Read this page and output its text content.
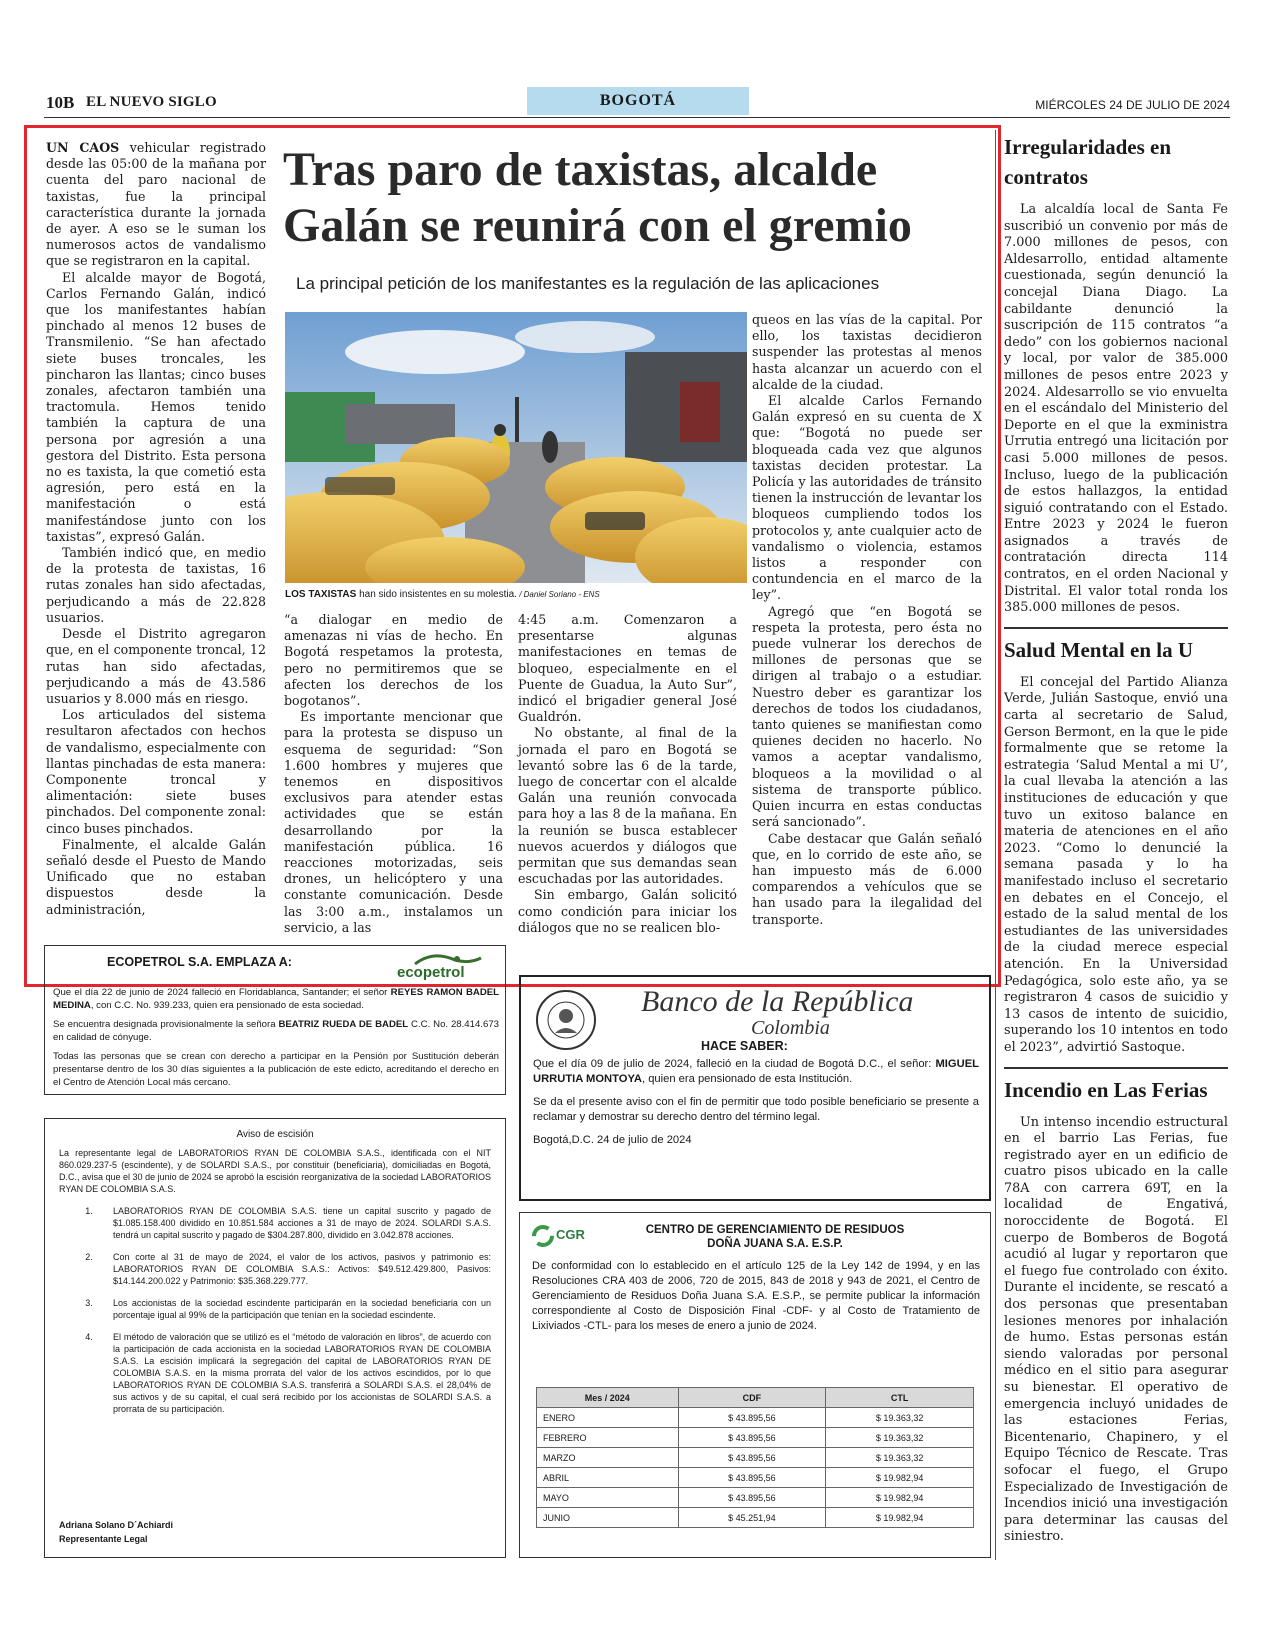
10B EL NUEVO SIGLO	BOGOTÁ	MIÉRCOLES 24 DE JULIO DE 2024
Tras paro de taxistas, alcalde Galán se reunirá con el gremio
La principal petición de los manifestantes es la regulación de las aplicaciones

UN CAOS vehicular registrado desde las 05:00 de la mañana por cuenta del paro nacional de taxistas, fue la principal característica durante la jornada de ayer. A eso se le suman los numerosos actos de vandalismo que se registraron en la capital.

El alcalde mayor de Bogotá, Carlos Fernando Galán, indicó que los manifestantes habían pinchado al menos 12 buses de Transmilenio. “Se han afectado siete buses troncales, les pincharon las llantas; cinco buses zonales, afectaron también una tractomula. Hemos tenido también la captura de una persona por agresión a una gestora del Distrito. Esta persona no es taxista, la que cometió esta agresión, pero está en la manifestación o está manifestándose junto con los taxistas”, expresó Galán.

También indicó que, en medio de la protesta de taxistas, 16 rutas zonales han sido afectadas, perjudicando a más de 22.828 usuarios.

Desde el Distrito agregaron que, en el componente troncal, 12 rutas han sido afectadas, perjudicando a más de 43.586 usuarios y 8.000 más en riesgo.

Los articulados del sistema resultaron afectados con hechos de vandalismo, especialmente con llantas pinchadas de esta manera: Componente troncal y alimentación: siete buses pinchados. Del componente zonal: cinco buses pinchados.

Finalmente, el alcalde Galán señaló desde el Puesto de Mando Unificado que no estaban dispuestos desde la administración,

LOS TAXISTAS han sido insistentes en su molestia. / Daniel Soriano - ENS

“a dialogar en medio de amenazas ni vías de hecho. En Bogotá respetamos la protesta, pero no permitiremos que se afecten los derechos de los bogotanos”.

Es importante mencionar que para la protesta se dispuso un esquema de seguridad: “Son 1.600 hombres y mujeres que tenemos en dispositivos exclusivos para atender estas actividades que se están desarrollando por la manifestación pública. 16 reacciones motorizadas, seis drones, un helicóptero y una constante comunicación. Desde las 3:00 a.m., instalamos un servicio, a las

4:45 a.m. Comenzaron a presentarse algunas manifestaciones en temas de bloqueo, especialmente en el Puente de Guadua, la Auto Sur”, indicó el brigadier general José Gualdrón.

No obstante, al final de la jornada el paro en Bogotá se levantó sobre las 6 de la tarde, luego de concertar con el alcalde Galán una reunión convocada para hoy a las 8 de la mañana. En la reunión se busca establecer nuevos acuerdos y diálogos que permitan que sus demandas sean escuchadas por las autoridades.

Sin embargo, Galán solicitó como condición para iniciar los diálogos que no se realicen blo-

queos en las vías de la capital. Por ello, los taxistas decidieron suspender las protestas al menos hasta alcanzar un acuerdo con el alcalde de la ciudad.

El alcalde Carlos Fernando Galán expresó en su cuenta de X que: “Bogotá no puede ser bloqueada cada vez que algunos taxistas deciden protestar. La Policía y las autoridades de tránsito tienen la instrucción de levantar los bloqueos cumpliendo todos los protocolos y, ante cualquier acto de vandalismo o violencia, estamos listos a responder con contundencia en el marco de la ley”.

Agregó que “en Bogotá se respeta la protesta, pero ésta no puede vulnerar los derechos de millones de personas que se dirigen al trabajo o a estudiar. Nuestro deber es garantizar los derechos de todos los ciudadanos, tanto quienes se manifiestan como quienes deciden no hacerlo. No vamos a aceptar vandalismo, bloqueos a la movilidad o al sistema de transporte público. Quien incurra en estas conductas será sancionado”.

Cabe destacar que Galán señaló que, en lo corrido de este año, se han impuesto más de 6.000 comparendos a vehículos que se han usado para la ilegalidad del transporte.

Irregularidades en contratos

La alcaldía local de Santa Fe suscribió un convenio por más de 7.000 millones de pesos, con Aldesarrollo, entidad altamente cuestionada, según denunció la concejal Diana Diago. La cabildante denunció la suscripción de 115 contratos “a dedo” con los gobiernos nacional y local, por valor de 385.000 millones de pesos entre 2023 y 2024. Aldesarrollo se vio envuelta en el escándalo del Ministerio del Deporte en el que la exministra Urrutia entregó una licitación por casi 5.000 millones de pesos. Incluso, luego de la publicación de estos hallazgos, la entidad siguió contratando con el Estado. Entre 2023 y 2024 le fueron asignados a través de contratación directa 114 contratos, en el orden Nacional y Distrital. El valor total ronda los 385.000 millones de pesos.

Salud Mental en la U

El concejal del Partido Alianza Verde, Julián Sastoque, envió una carta al secretario de Salud, Gerson Bermont, en la que le pide formalmente que se retome la estrategia ‘Salud Mental a mi U’, la cual llevaba la atención a las instituciones de educación y que tuvo un exitoso balance en materia de atenciones en el año 2023. “Como lo denuncié la semana pasada y lo ha manifestado incluso el secretario en debates en el Concejo, el estado de la salud mental de los estudiantes de las universidades de la ciudad merece especial atención. En la Universidad Pedagógica, solo este año, ya se registraron 4 casos de suicidio y 13 casos de intento de suicidio, superando los 10 intentos en todo el 2023”, advirtió Sastoque.

Incendio en Las Ferias

Un intenso incendio estructural en el barrio Las Ferias, fue registrado ayer en un edificio de cuatro pisos ubicado en la calle 78A con carrera 69T, en la localidad de Engativá, noroccidente de Bogotá. El cuerpo de Bomberos de Bogotá acudió al lugar y reportaron que el fuego fue controlado con éxito. Durante el incidente, se rescató a dos personas que presentaban lesiones menores por inhalación de humo. Estas personas están siendo valoradas por personal médico en el sitio para asegurar su bienestar. El operativo de emergencia incluyó unidades de las estaciones Ferias, Bicentenario, Chapinero, y el Equipo Técnico de Rescate. Tras sofocar el fuego, el Grupo Especializado de Investigación de Incendios inició una investigación para determinar las causas del siniestro.

ECOPETROL S.A. EMPLAZA A:
ecopetrol
Que el día 22 de junio de 2024 falleció en Floridablanca, Santander; el señor REYES RAMON BADEL MEDINA, con C.C. No. 939.233, quien era pensionado de esta sociedad.
Se encuentra designada provisionalmente la señora BEATRIZ RUEDA DE BADEL C.C. No. 28.414.673 en calidad de cónyuge.
Todas las personas que se crean con derecho a participar en la Pensión por Sustitución deberán presentarse dentro de los 30 días siguientes a la publicación de este edicto, acreditando el derecho en el Centro de Atención Local más cercano.
Banco de la República
Colombia
HACE SABER:
Que el día 09 de julio de 2024, falleció en la ciudad de Bogotá D.C., el señor: MIGUEL URRUTIA MONTOYA, quien era pensionado de esta Institución.
Se da el presente aviso con el fin de permitir que todo posible beneficiario se presente a reclamar y demostrar su derecho dentro del término legal.
Bogotá,D.C. 24 de julio de 2024
Aviso de escisión
La representante legal de LABORATORIOS RYAN DE COLOMBIA S.A.S., identificada con el NIT 860.029.237-5 (escindente), y de SOLARDI S.A.S., por constituir (beneficiaria), domiciliadas en Bogotá, D.C., avisa que el 30 de junio de 2024 se aprobó la escisión reorganizativa de la sociedad LABORATORIOS RYAN DE COLOMBIA S.A.S.
1.	LABORATORIOS RYAN DE COLOMBIA S.A.S. tiene un capital suscrito y pagado de $1.085.158.400 dividido en 10.851.584 acciones a 31 de mayo de 2024. SOLARDI S.A.S. tendrá un capital suscrito y pagado de $304.287.800, dividido en 3.042.878 acciones.
2.	Con corte al 31 de mayo de 2024, el valor de los activos, pasivos y patrimonio es: LABORATORIOS RYAN DE COLOMBIA S.A.S.: Activos: $49.512.429.800, Pasivos: $14.144.200.022 y Patrimonio: $35.368.229.777.
3.	Los accionistas de la sociedad escindente participarán en la sociedad beneficiaria con un porcentaje igual al 99% de la participación que tenían en la sociedad escindente.
4.	El método de valoración que se utilizó es el “método de valoración en libros”, de acuerdo con la participación de cada accionista en la sociedad LABORATORIOS RYAN DE COLOMBIA S.A.S. La escisión implicará la segregación del capital de LABORATORIOS RYAN DE COLOMBIA S.A.S. en la misma prorrata del valor de los activos escindidos, por lo que LABORATORIOS RYAN DE COLOMBIA S.A.S. transferirá a SOLARDI S.A.S. el 28,04% de sus activos y de su capital, el cual será recibido por los accionistas de SOLARDI S.A.S. a prorrata de su participación.
Adriana Solano D´Achiardi
Representante Legal
CGR	CENTRO DE GERENCIAMIENTO DE RESIDUOS
DOÑA JUANA S.A. E.S.P.
De conformidad con lo establecido en el artículo 125 de la Ley 142 de 1994, y en las Resoluciones CRA 403 de 2006, 720 de 2015, 843 de 2018 y 943 de 2021, el Centro de Gerenciamiento de Residuos Doña Juana S.A. E.S.P., se permite publicar la información correspondiente al Costo de Disposición Final -CDF- y al Costo de Tratamiento de Lixiviados -CTL- para los meses de enero a junio de 2024.
Mes / 2024	CDF	CTL
ENERO	$ 43.895,56	$ 19.363,32
FEBRERO	$ 43.895,56	$ 19.363,32
MARZO	$ 43.895,56	$ 19.363,32
ABRIL	$ 43.895,56	$ 19.982,94
MAYO	$ 43.895,56	$ 19.982,94
JUNIO	$ 45.251,94	$ 19.982,94
